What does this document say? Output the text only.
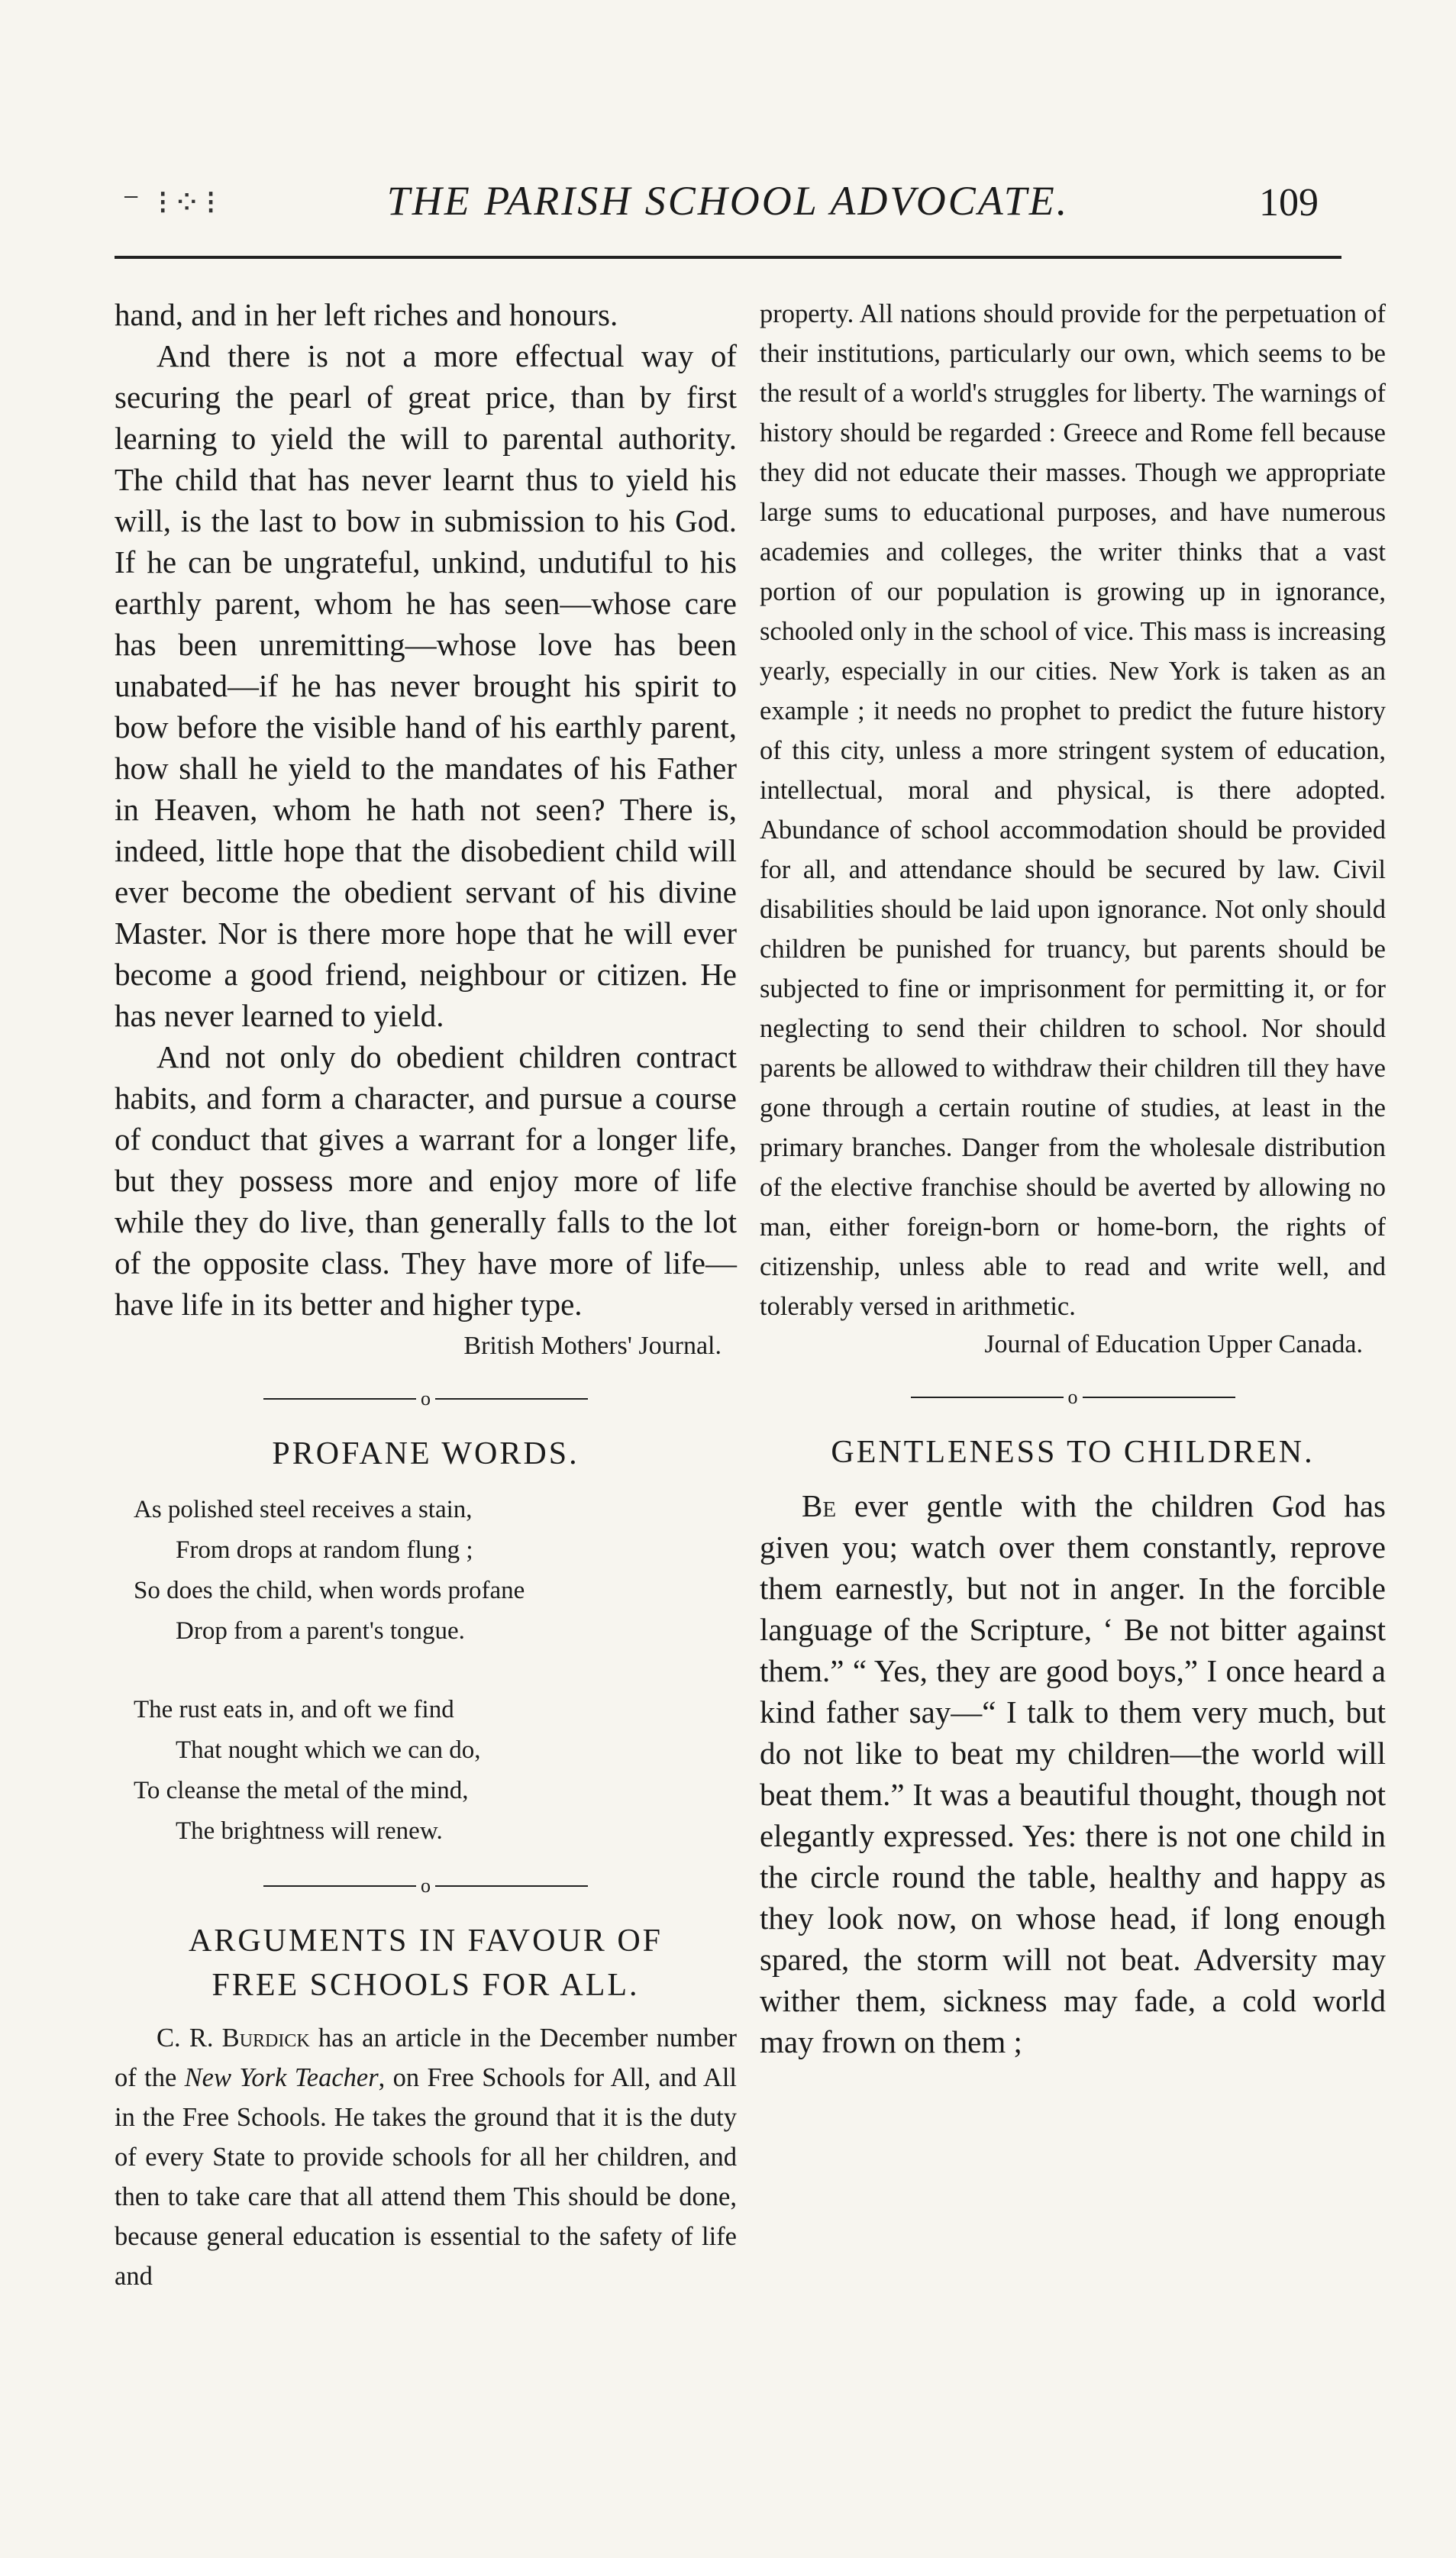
⁻ ⁝⁘⁝	THE PARISH SCHOOL ADVOCATE.	109

hand, and in her left riches and honours.

And there is not a more effectual way of securing the pearl of great price, than by first learning to yield the will to parental authority. The child that has never learnt thus to yield his will, is the last to bow in submission to his God. If he can be ungrateful, unkind, undutiful to his earthly parent, whom he has seen—whose care has been unremitting—whose love has been unabated—if he has never brought his spirit to bow before the visible hand of his earthly parent, how shall he yield to the mandates of his Father in Heaven, whom he hath not seen? There is, indeed, little hope that the disobedient child will ever become the obedient servant of his divine Master. Nor is there more hope that he will ever become a good friend, neighbour or citizen. He has never learned to yield.

And not only do obedient children contract habits, and form a character, and pursue a course of conduct that gives a warrant for a longer life, but they possess more and enjoy more of life while they do live, than generally falls to the lot of the opposite class. They have more of life—have life in its better and higher type.

British Mothers' Journal.

o
PROFANE WORDS.
As polished steel receives a stain,
From drops at random flung ;
So does the child, when words profane
Drop from a parent's tongue.
The rust eats in, and oft we find
That nought which we can do,
To cleanse the metal of the mind,
The brightness will renew.
o
ARGUMENTS IN FAVOUR OF
FREE SCHOOLS FOR ALL.

C. R. Burdick has an article in the December number of the New York Teacher, on Free Schools for All, and All in the Free Schools. He takes the ground that it is the duty of every State to provide schools for all her children, and then to take care that all attend them This should be done, because general education is essential to the safety of life and

property. All nations should provide for the perpetuation of their institutions, particularly our own, which seems to be the result of a world's struggles for liberty. The warnings of history should be regarded : Greece and Rome fell because they did not educate their masses. Though we appropriate large sums to educational purposes, and have numerous academies and colleges, the writer thinks that a vast portion of our population is growing up in ignorance, schooled only in the school of vice. This mass is increasing yearly, especially in our cities. New York is taken as an example ; it needs no prophet to predict the future history of this city, unless a more stringent system of education, intellectual, moral and physical, is there adopted. Abundance of school accommodation should be provided for all, and attendance should be secured by law. Civil disabilities should be laid upon ignorance. Not only should children be punished for truancy, but parents should be subjected to fine or imprisonment for permitting it, or for neglecting to send their children to school. Nor should parents be allowed to withdraw their children till they have gone through a certain routine of studies, at least in the primary branches. Danger from the wholesale distribution of the elective franchise should be averted by allowing no man, either foreign-born or home-born, the rights of citizenship, unless able to read and write well, and tolerably versed in arithmetic.

Journal of Education Upper Canada.

o
GENTLENESS TO CHILDREN.

Be ever gentle with the children God has given you; watch over them constantly, reprove them earnestly, but not in anger. In the forcible language of the Scripture, ‘ Be not bitter against them.” “ Yes, they are good boys,” I once heard a kind father say—“ I talk to them very much, but do not like to beat my children—the world will beat them.” It was a beautiful thought, though not elegantly expressed. Yes: there is not one child in the circle round the table, healthy and happy as they look now, on whose head, if long enough spared, the storm will not beat. Adversity may wither them, sickness may fade, a cold world may frown on them ;
